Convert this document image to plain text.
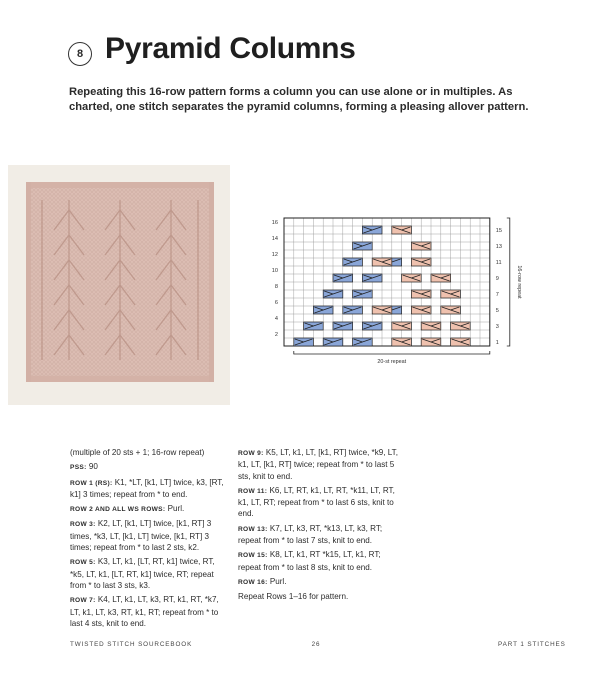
8 Pyramid Columns
Repeating this 16-row pattern forms a column you can use alone or in multiples. As charted, one stitch separates the pyramid columns, forming a pleasing allover pattern.
16
14
12
10
8
6
4
2
15
13
11
9
7
5
3
1
20-st repeat
16-row repeat

(multiple of 20 sts + 1; 16-row repeat)

PSS: 90

ROW 1 (RS): K1, *LT, [k1, LT] twice, k3, [RT, k1] 3 times; repeat from * to end.

ROW 2 AND ALL WS ROWS: Purl.

ROW 3: K2, LT, [k1, LT] twice, [k1, RT] 3 times, *k3, LT, [k1, LT] twice, [k1, RT] 3 times; repeat from * to last 2 sts, k2.

ROW 5: K3, LT, k1, [LT, RT, k1] twice, RT, *k5, LT, k1, [LT, RT, k1] twice, RT; repeat from * to last 3 sts, k3.

ROW 7: K4, LT, k1, LT, k3, RT, k1, RT, *k7, LT, k1, LT, k3, RT, k1, RT; repeat from * to last 4 sts, knit to end.

ROW 9: K5, LT, k1, LT, [k1, RT] twice, *k9, LT, k1, LT, [k1, RT] twice; repeat from * to last 5 sts, knit to end.

ROW 11: K6, LT, RT, k1, LT, RT, *k11, LT, RT, k1, LT, RT; repeat from * to last 6 sts, knit to end.

ROW 13: K7, LT, k3, RT, *k13, LT, k3, RT; repeat from * to last 7 sts, knit to end.

ROW 15: K8, LT, k1, RT *k15, LT, k1, RT; repeat from * to last 8 sts, knit to end.

ROW 16: Purl.

Repeat Rows 1–16 for pattern.

TWISTED STITCH SOURCEBOOK	26	PART 1 STITCHES
